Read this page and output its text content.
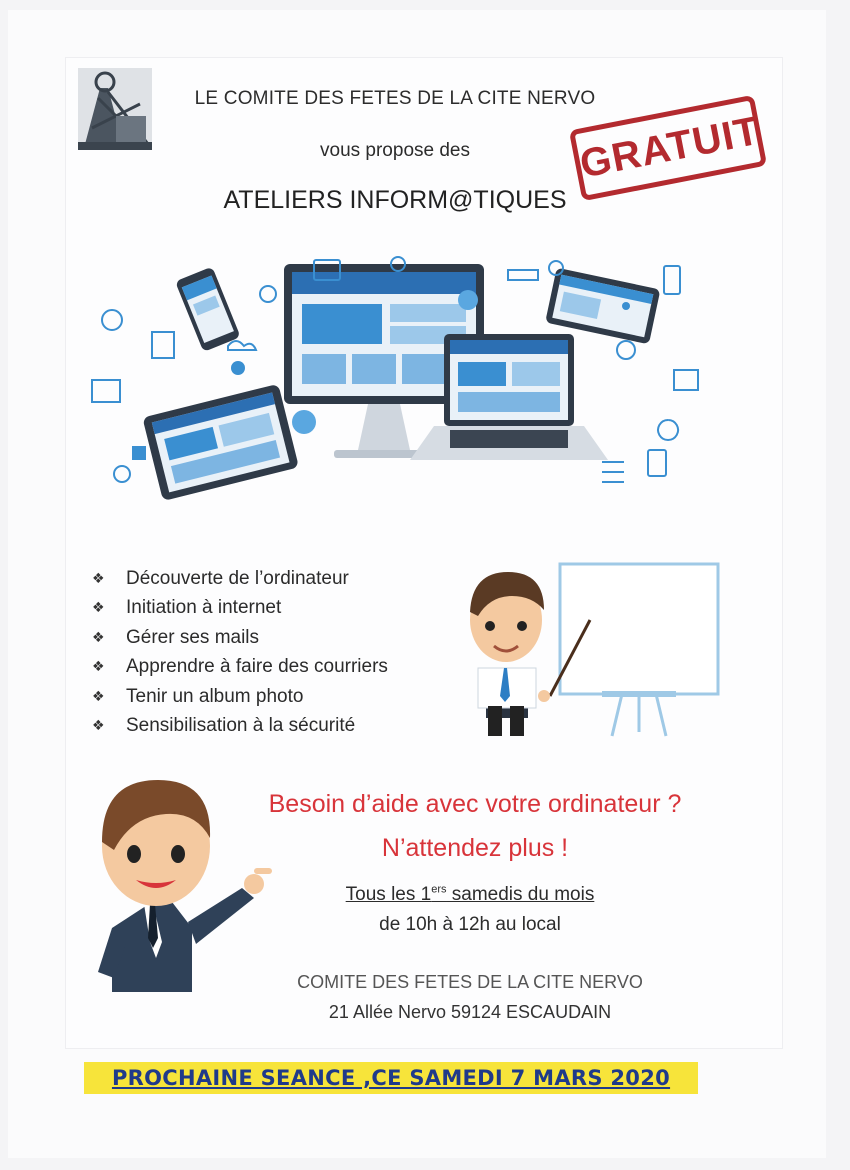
LE COMITE DES FETES DE LA CITE NERVO
vous propose des
ATELIERS INFORM@TIQUES
GRATUIT
❖	Découverte de l’ordinateur
❖	Initiation à internet
❖	Gérer ses mails
❖	Apprendre à faire des courriers
❖	Tenir un album photo
❖	Sensibilisation à la sécurité
Besoin d’aide avec votre ordinateur ?
N’attendez plus !
Tous les 1ers samedis du mois
de 10h à 12h au local
COMITE DES FETES DE LA CITE NERVO
21 Allée Nervo 59124 ESCAUDAIN
PROCHAINE SEANCE ,CE SAMEDI 7 MARS 2020
